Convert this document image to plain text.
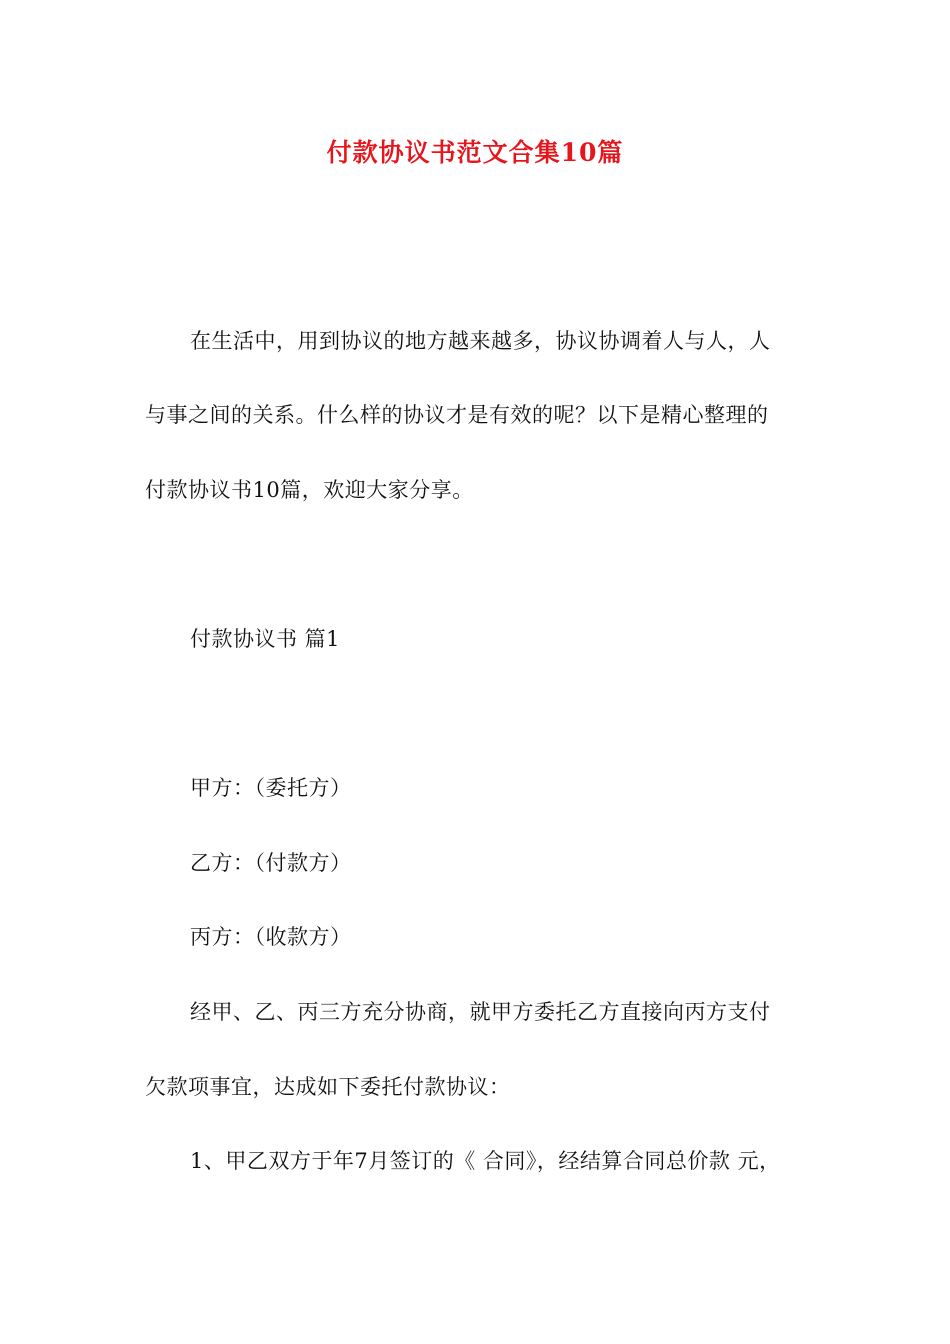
付款协议书范文合集10篇
在生活中，用到协议的地方越来越多，协议协调着人与人，人
与事之间的关系。什么样的协议才是有效的呢？以下是精心整理的
付款协议书10篇，欢迎大家分享。
付款协议书 篇1
甲方：（委托方）
乙方：（付款方）
丙方：（收款方）
经甲、乙、丙三方充分协商，就甲方委托乙方直接向丙方支付
欠款项事宜，达成如下委托付款协议：
1、甲乙双方于年7月签订的《 合同》，经结算合同总价款 元，
